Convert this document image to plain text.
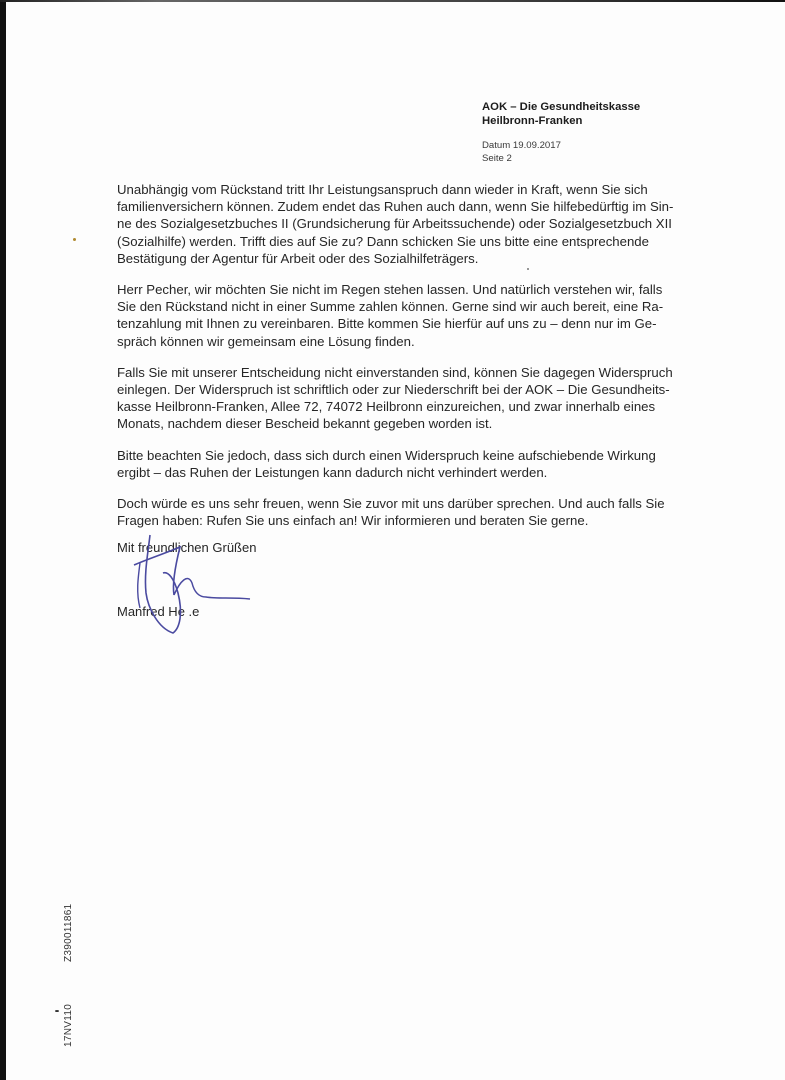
AOK – Die Gesundheitskasse
Heilbronn-Franken
Datum 19.09.2017
Seite 2

Unabhängig vom Rückstand tritt Ihr Leistungsanspruch dann wieder in Kraft, wenn Sie sich
familienversichern können. Zudem endet das Ruhen auch dann, wenn Sie hilfebedürftig im Sin-
ne des Sozialgesetzbuches II (Grundsicherung für Arbeitssuchende) oder Sozialgesetzbuch XII
(Sozialhilfe) werden. Trifft dies auf Sie zu? Dann schicken Sie uns bitte eine entsprechende
Bestätigung der Agentur für Arbeit oder des Sozialhilfeträgers.

Herr Pecher, wir möchten Sie nicht im Regen stehen lassen. Und natürlich verstehen wir, falls
Sie den Rückstand nicht in einer Summe zahlen können. Gerne sind wir auch bereit, eine Ra-
tenzahlung mit Ihnen zu vereinbaren. Bitte kommen Sie hierfür auf uns zu – denn nur im Ge-
spräch können wir gemeinsam eine Lösung finden.

Falls Sie mit unserer Entscheidung nicht einverstanden sind, können Sie dagegen Widerspruch
einlegen. Der Widerspruch ist schriftlich oder zur Niederschrift bei der AOK – Die Gesundheits-
kasse Heilbronn-Franken, Allee 72, 74072 Heilbronn einzureichen, und zwar innerhalb eines
Monats, nachdem dieser Bescheid bekannt gegeben worden ist.

Bitte beachten Sie jedoch, dass sich durch einen Widerspruch keine aufschiebende Wirkung
ergibt – das Ruhen der Leistungen kann dadurch nicht verhindert werden.

Doch würde es uns sehr freuen, wenn Sie zuvor mit uns darüber sprechen. Und auch falls Sie
Fragen haben: Rufen Sie uns einfach an! Wir informieren und beraten Sie gerne.

Mit freundlichen Grüßen
Manfred He .e
Z390011861
17NV110
